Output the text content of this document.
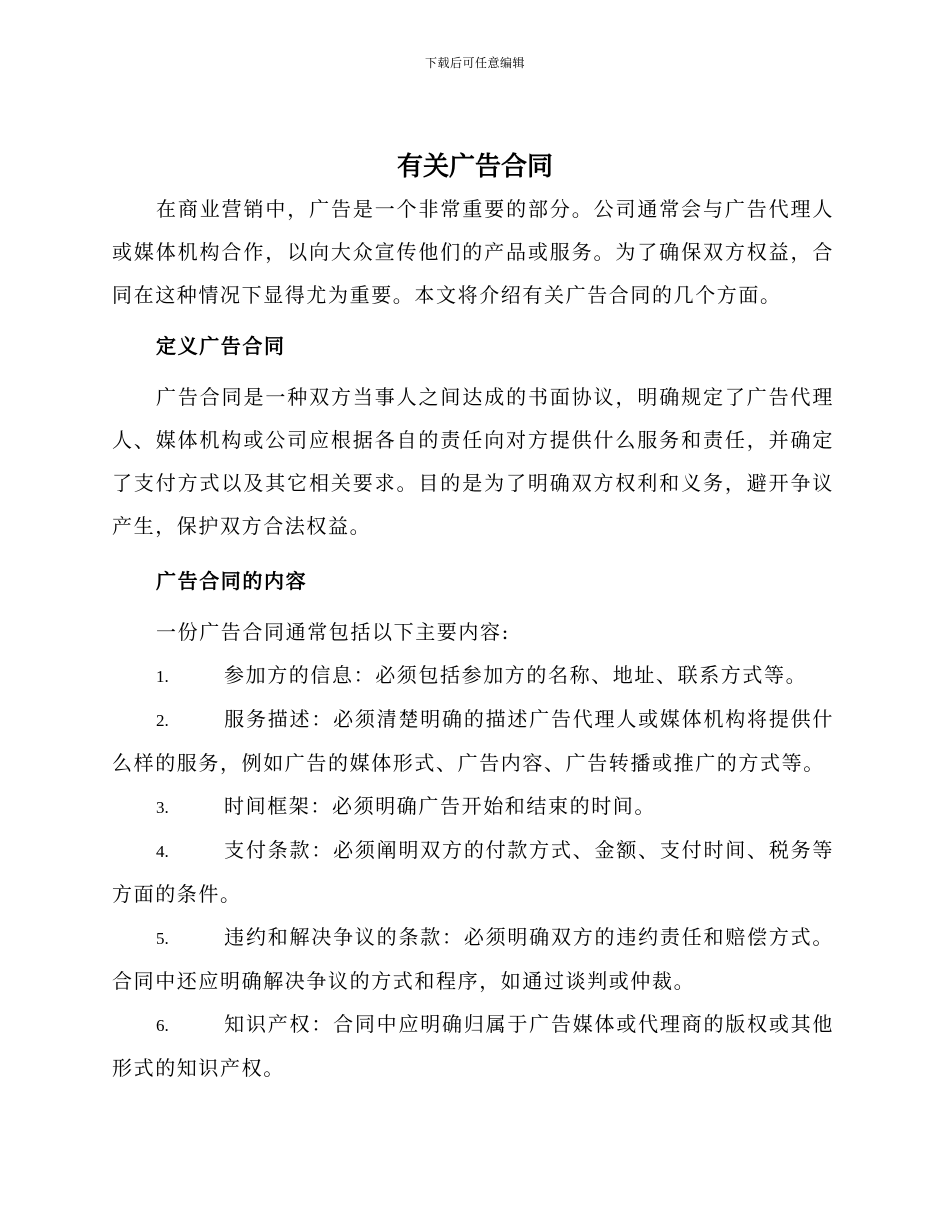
下载后可任意编辑
有关广告合同

在商业营销中，广告是一个非常重要的部分。公司通常会与广告代理人或媒体机构合作，以向大众宣传他们的产品或服务。为了确保双方权益，合同在这种情况下显得尤为重要。本文将介绍有关广告合同的几个方面。

定义广告合同

广告合同是一种双方当事人之间达成的书面协议，明确规定了广告代理人、媒体机构或公司应根据各自的责任向对方提供什么服务和责任，并确定了支付方式以及其它相关要求。目的是为了明确双方权利和义务，避开争议产生，保护双方合法权益。

广告合同的内容

一份广告合同通常包括以下主要内容:

1.	参加方的信息：必须包括参加方的名称、地址、联系方式等。

2.	服务描述：必须清楚明确的描述广告代理人或媒体机构将提供什么样的服务，例如广告的媒体形式、广告内容、广告转播或推广的方式等。

3.	时间框架：必须明确广告开始和结束的时间。

4.	支付条款：必须阐明双方的付款方式、金额、支付时间、税务等方面的条件。

5.	违约和解决争议的条款：必须明确双方的违约责任和赔偿方式。合同中还应明确解决争议的方式和程序，如通过谈判或仲裁。

6.	知识产权：合同中应明确归属于广告媒体或代理商的版权或其他形式的知识产权。
